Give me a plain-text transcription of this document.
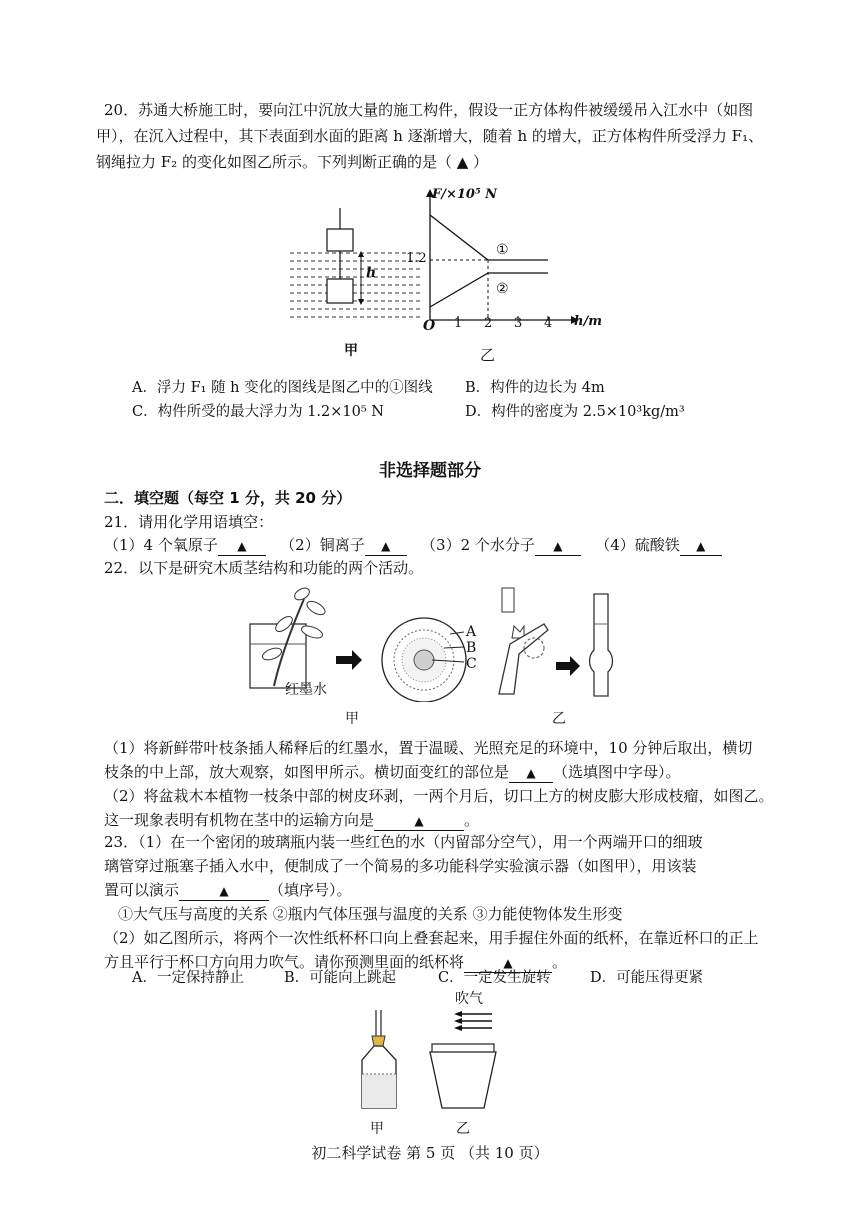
20．苏通大桥施工时，要向江中沉放大量的施工构件，假设一正方体构件被缓缓吊入江水中（如图
甲），在沉入过程中，其下表面到水面的距离 h 逐渐增大，随着 h 的增大，正方体构件所受浮力 F₁、
钢绳拉力 F₂ 的变化如图乙所示。下列判断正确的是（ ▲ ）
h
甲
F/×10⁵ N
h/m
O
1.2
1 2 3 4
①
②
乙
A．浮力 F₁ 随 h 变化的图线是图乙中的①图线 B．构件的边长为 4m
C．构件所受的最大浮力为 1.2×10⁵ N	D．构件的密度为 2.5×10³kg/m³
非选择题部分
二．填空题（每空 1 分，共 20 分）
21．请用化学用语填空：
（1）4 个氧原子 ▲ （2）铜离子 ▲ （3）2 个水分子 ▲ （4）硫酸铁 ▲
22．以下是研究木质茎结构和功能的两个活动。
红墨水
A
B
C
甲	乙
（1）将新鲜带叶枝条插人稀释后的红墨水，置于温暖、光照充足的环境中，10 分钟后取出，横切
枝条的中上部，放大观察，如图甲所示。横切面变红的部位是 ▲ （选填图中字母）。
（2）将盆栽木本植物一枝条中部的树皮环剥，一两个月后，切口上方的树皮膨大形成枝瘤，如图乙。
这一现象表明有机物在茎中的运输方向是	▲	。
23．（1）在一个密闭的玻璃瓶内装一些红色的水（内留部分空气），用一个两端开口的细玻
璃管穿过瓶塞子插入水中，便制成了一个简易的多功能科学实验演示器（如图甲），用该装
置可以演示	▲	（填序号）。
①大气压与高度的关系 ②瓶内气体压强与温度的关系 ③力能使物体发生形变
（2）如乙图所示，将两个一次性纸杯杯口向上叠套起来，用手握住外面的纸杯，在靠近杯口的正上
方且平行于杯口方向用力吹气。请你预测里面的纸杯将	▲	。
A．一定保持静止	B．可能向上跳起	C．一定发生旋转	D．可能压得更紧
吹气
甲	乙
初二科学试卷 第 5 页 （共 10 页）
